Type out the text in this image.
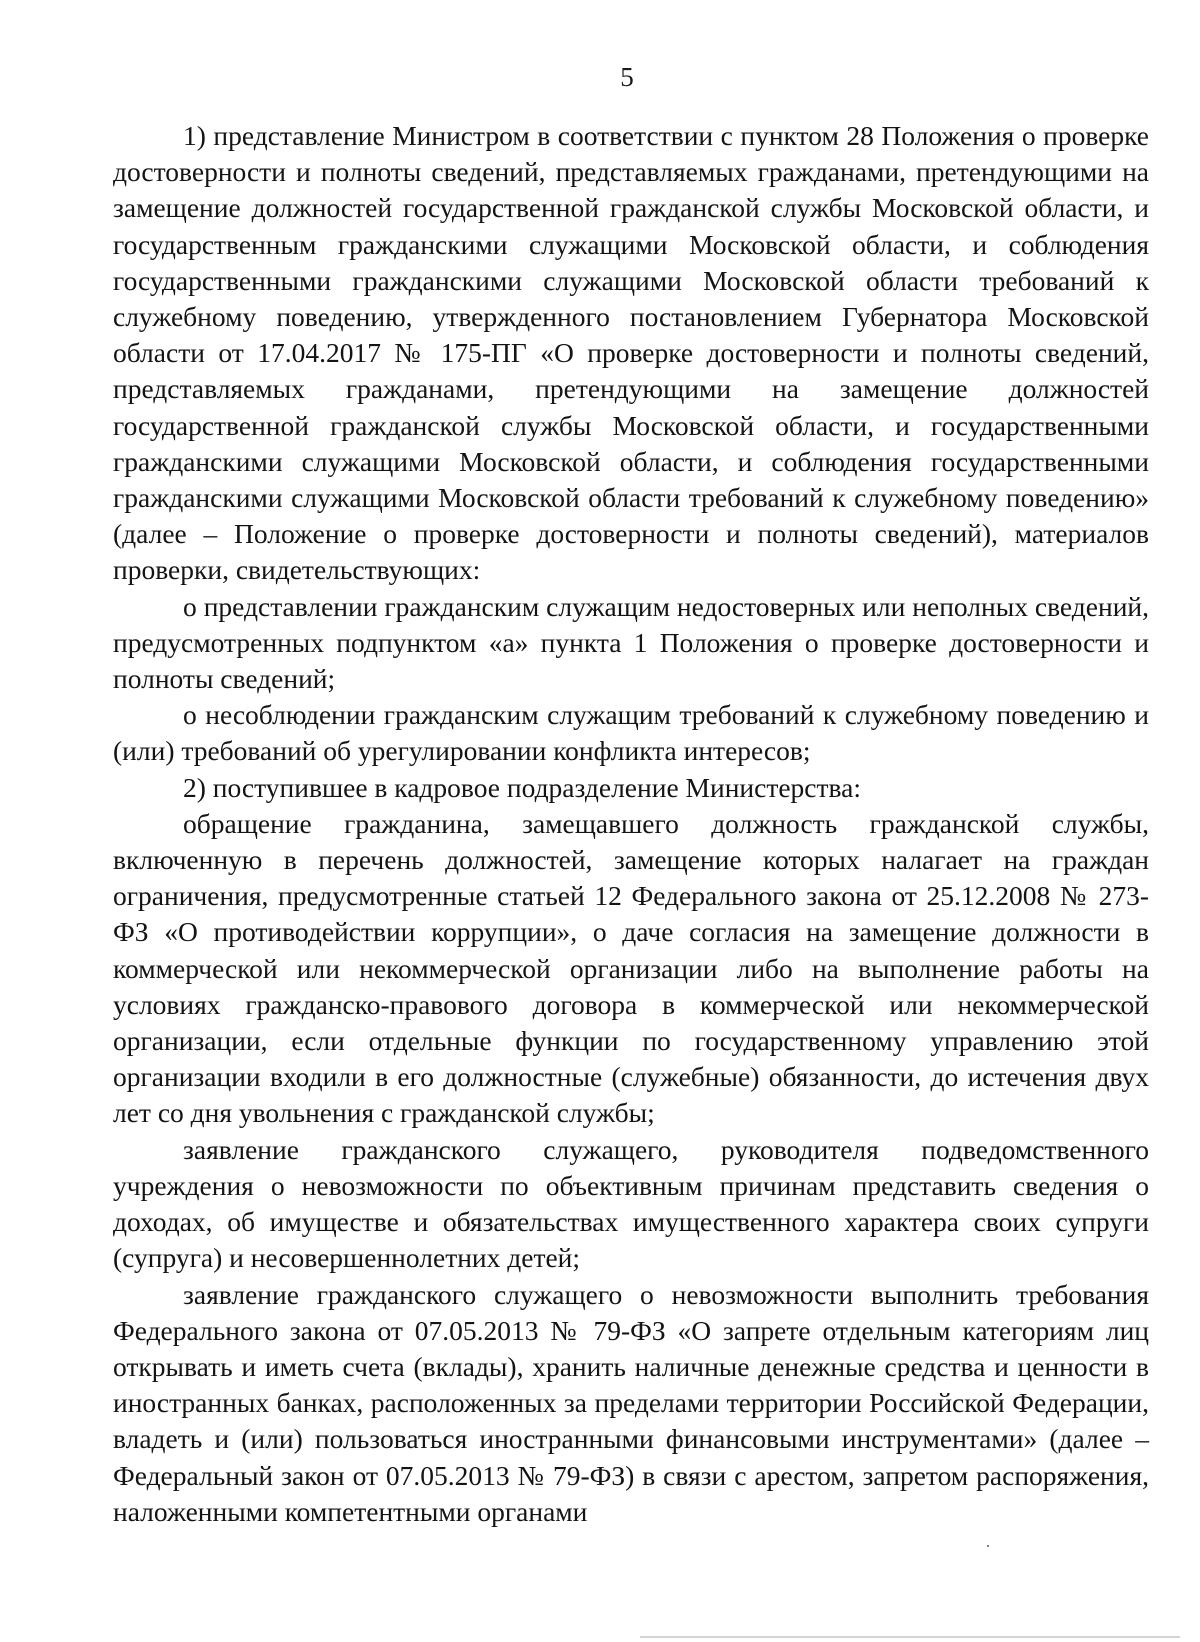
5

1) представление Министром в соответствии с пунктом 28 Положения о проверке достоверности и полноты сведений, представляемых гражданами, претендующими на замещение должностей государственной гражданской службы Московской области, и государственным гражданскими служащими Московской области, и соблюдения государственными гражданскими служащими Московской области требований к служебному поведению, утвержденного постановлением Губернатора Московской области от 17.04.2017 № 175-ПГ «О проверке достоверности и полноты сведений, представляемых гражданами, претендующими на замещение должностей государственной гражданской службы Московской области, и государственными гражданскими служащими Московской области, и соблюдения государственными гражданскими служащими Московской области требований к служебному поведению» (далее – Положение о проверке достоверности и полноты сведений), материалов проверки, свидетельствующих:

о представлении гражданским служащим недостоверных или неполных сведений, предусмотренных подпунктом «а» пункта 1 Положения о проверке достоверности и полноты сведений;

о несоблюдении гражданским служащим требований к служебному поведению и (или) требований об урегулировании конфликта интересов;

2) поступившее в кадровое подразделение Министерства:

обращение гражданина, замещавшего должность гражданской службы, включенную в перечень должностей, замещение которых налагает на граждан ограничения, предусмотренные статьей 12 Федерального закона от 25.12.2008 № 273-ФЗ «О противодействии коррупции», о даче согласия на замещение должности в коммерческой или некоммерческой организации либо на выполнение работы на условиях гражданско-правового договора в коммерческой или некоммерческой организации, если отдельные функции по государственному управлению этой организации входили в его должностные (служебные) обязанности, до истечения двух лет со дня увольнения с гражданской службы;

заявление гражданского служащего, руководителя подведомственного учреждения о невозможности по объективным причинам представить сведения о доходах, об имуществе и обязательствах имущественного характера своих супруги (супруга) и несовершеннолетних детей;

заявление гражданского служащего о невозможности выполнить требования Федерального закона от 07.05.2013 № 79-ФЗ «О запрете отдельным категориям лиц открывать и иметь счета (вклады), хранить наличные денежные средства и ценности в иностранных банках, расположенных за пределами территории Российской Федерации, владеть и (или) пользоваться иностранными финансовыми инструментами» (далее – Федеральный закон от 07.05.2013 № 79-ФЗ) в связи с арестом, запретом распоряжения, наложенными компетентными органами
